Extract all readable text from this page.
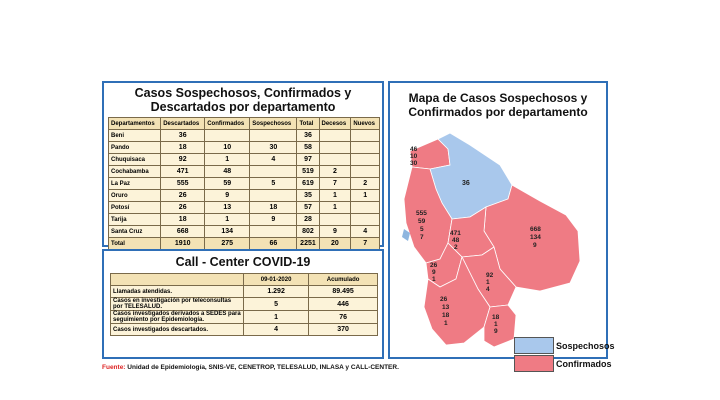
Casos Sospechosos, Confirmados y
Descartados por departamento
Departamentos	Descartados	Confirmados	Sospechosos	Total	Decesos	Nuevos
Beni	36			36		
Pando	18	10	30	58		
Chuquisaca	92	1	4	97		
Cochabamba	471	48		519	2	
La Paz	555	59	5	619	7	2
Oruro	26	9		35	1	1
Potosí	26	13	18	57	1	
Tarija	18	1	9	28		
Santa Cruz	668	134		802	9	4
Total	1910	275	66	2251	20	7
Call - Center COVID-19
	09-01-2020	Acumulado
Llamadas atendidas.	1.292	89.495
Casos en investigación por teleconsultas por TELESALUD.	5	446
Casos investigados derivados a SEDES para seguimiento por Epidemiología.	1	76
Casos investigados descartados.	4	370
Mapa de Casos Sospechosos y
Confirmados por departamento
46
10
30
36
555
59
5
7
471
48
2
668
134
9
26
9
1
92
1
4
26
13
18
1
18
1
9
Sospechosos
Confirmados
Fuente: Unidad de Epidemiología, SNIS-VE, CENETROP, TELESALUD, INLASA y CALL-CENTER.
